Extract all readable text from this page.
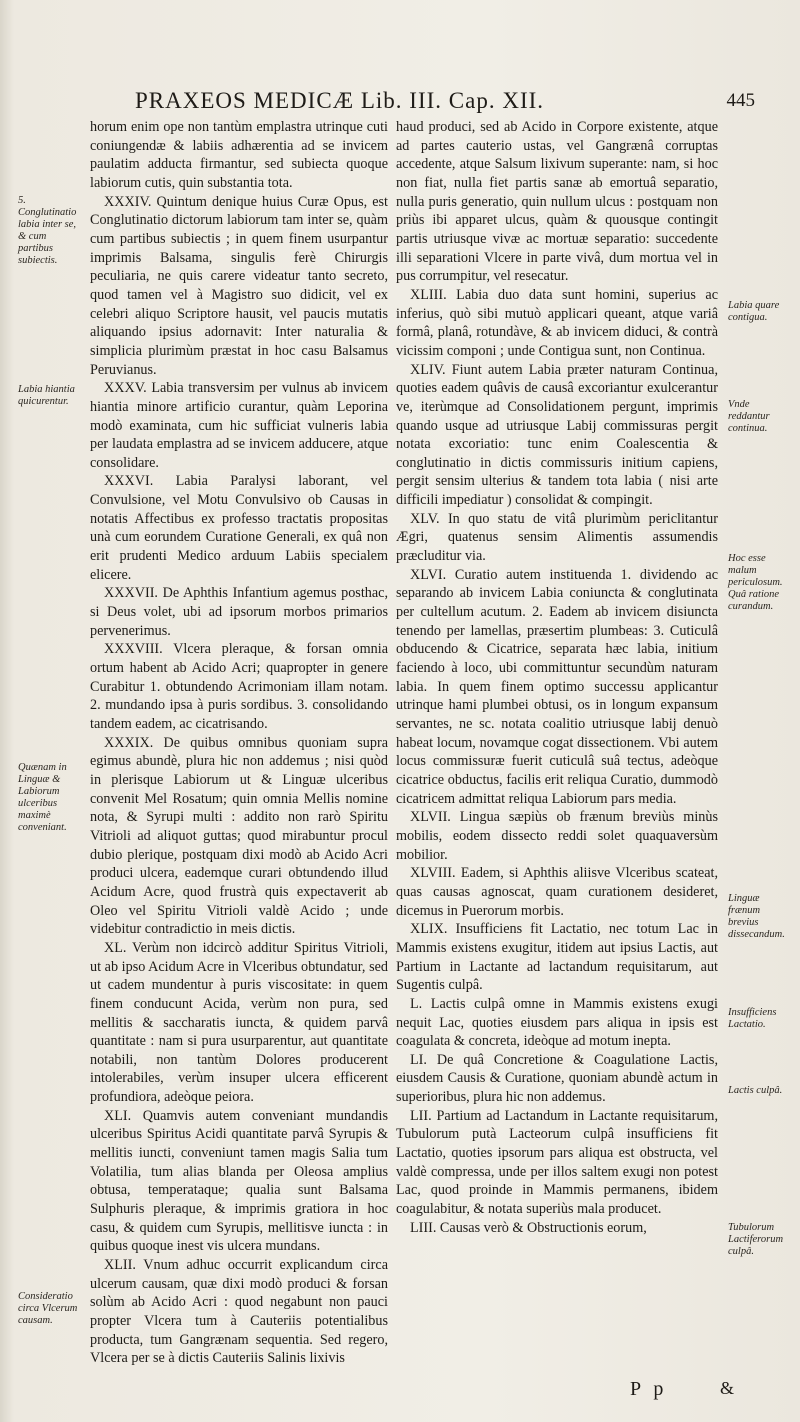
PRAXEOS MEDICÆ Lib. III. Cap. XII.	445

horum enim ope non tantùm emplastra utrinque cuti coniungendæ & labiis adhærentia ad se invicem paulatim adducta firmantur, sed subiecta quoque labiorum cutis, quin substantia tota.

XXXIV. Quintum denique huius Curæ Opus, est Conglutinatio dictorum labiorum tam inter se, quàm cum partibus subiectis ; in quem finem usurpantur imprimis Balsama, singulis ferè Chirurgis peculiaria, ne quis carere videatur tanto secreto, quod tamen vel à Magistro suo didicit, vel ex celebri aliquo Scriptore hausit, vel paucis mutatis aliquando ipsius adornavit: Inter naturalia & simplicia plurimùm præstat in hoc casu Balsamus Peruvianus.

XXXV. Labia transversim per vulnus ab invicem hiantia minore artificio curantur, quàm Leporina modò examinata, cum hic sufficiat vulneris labia per laudata emplastra ad se invicem adducere, atque consolidare.

XXXVI. Labia Paralysi laborant, vel Convulsione, vel Motu Convulsivo ob Causas in notatis Affectibus ex professo tractatis propositas unà cum eorundem Curatione Generali, ex quâ non erit prudenti Medico arduum Labiis specialem elicere.

XXXVII. De Aphthis Infantium agemus posthac, si Deus volet, ubi ad ipsorum morbos primarios pervenerimus.

XXXVIII. Vlcera pleraque, & forsan omnia ortum habent ab Acido Acri; quapropter in genere Curabitur 1. obtundendo Acrimoniam illam notam. 2. mundando ipsa à puris sordibus. 3. consolidando tandem eadem, ac cicatrisando.

XXXIX. De quibus omnibus quoniam supra egimus abundè, plura hic non addemus ; nisi quòd in plerisque Labiorum ut & Linguæ ulceribus convenit Mel Rosatum; quin omnia Mellis nomine nota, & Syrupi multi : addito non rarò Spiritu Vitrioli ad aliquot guttas; quod mirabuntur procul dubio plerique, postquam dixi modò ab Acido Acri produci ulcera, eademque curari obtundendo illud Acidum Acre, quod frustrà quis expectaverit ab Oleo vel Spiritu Vitrioli valdè Acido ; unde videbitur contradictio in meis dictis.

XL. Verùm non idcircò additur Spiritus Vitrioli, ut ab ipso Acidum Acre in Vlceribus obtundatur, sed ut cadem mundentur à puris viscositate: in quem finem conducunt Acida, verùm non pura, sed mellitis & saccharatis iuncta, & quidem parvâ quantitate : nam si pura usurparentur, aut quantitate notabili, non tantùm Dolores producerent intolerabiles, verùm insuper ulcera efficerent profundiora, adeòque peiora.

XLI. Quamvis autem conveniant mundandis ulceribus Spiritus Acidi quantitate parvâ Syrupis & mellitis iuncti, conveniunt tamen magis Salia tum Volatilia, tum alias blanda per Oleosa amplius obtusa, temperataque; qualia sunt Balsama Sulphuris pleraque, & imprimis gratiora in hoc casu, & quidem cum Syrupis, mellitisve iuncta : in quibus quoque inest vis ulcera mundans.

XLII. Vnum adhuc occurrit explicandum circa ulcerum causam, quæ dixi modò produci & forsan solùm ab Acido Acri : quod negabunt non pauci propter Vlcera tum à Cauteriis potentialibus producta, tum Gangrænam sequentia. Sed regero, Vlcera per se à dictis Cauteriis Salinis lixivis

haud produci, sed ab Acido in Corpore existente, atque ad partes cauterio ustas, vel Gangrænâ corruptas accedente, atque Salsum lixivum superante: nam, si hoc non fiat, nulla fiet partis sanæ ab emortuâ separatio, nulla puris generatio, quin nullum ulcus : postquam non priùs ibi apparet ulcus, quàm & quousque contingit partis utriusque vivæ ac mortuæ separatio: succedente illi separationi Vlcere in parte vivâ, dum mortua vel in pus corrumpitur, vel resecatur.

XLIII. Labia duo data sunt homini, superius ac inferius, quò sibi mutuò applicari queant, atque variâ formâ, planâ, rotundàve, & ab invicem diduci, & contrà vicissim componi ; unde Contigua sunt, non Continua.

XLIV. Fiunt autem Labia præter naturam Continua, quoties eadem quâvis de causâ excoriantur exulcerantur ve, iterùmque ad Consolidationem pergunt, imprimis quando usque ad utriusque Labij commissuras pergit notata excoriatio: tunc enim Coalescentia & conglutinatio in dictis commissuris initium capiens, pergit sensim ulterius & tandem tota labia ( nisi arte difficili impediatur ) consolidat & compingit.

XLV. In quo statu de vitâ plurimùm periclitantur Ægri, quatenus sensim Alimentis assumendis præcluditur via.

XLVI. Curatio autem instituenda 1. dividendo ac separando ab invicem Labia coniuncta & conglutinata per cultellum acutum. 2. Eadem ab invicem disiuncta tenendo per lamellas, præsertim plumbeas: 3. Cuticulâ obducendo & Cicatrice, separata hæc labia, initium faciendo à loco, ubi committuntur secundùm naturam labia. In quem finem optimo successu applicantur utrinque hami plumbei obtusi, os in longum expansum servantes, ne sc. notata coalitio utriusque labij denuò habeat locum, novamque cogat dissectionem. Vbi autem locus commissuræ fuerit cuticulâ suâ tectus, adeòque cicatrice obductus, facilis erit reliqua Curatio, dummodò cicatricem admittat reliqua Labiorum pars media.

XLVII. Lingua sæpiùs ob frænum breviùs minùs mobilis, eodem dissecto reddi solet quaquaversùm mobilior.

XLVIII. Eadem, si Aphthis aliisve Vlceribus scateat, quas causas agnoscat, quam curationem desideret, dicemus in Puerorum morbis.

XLIX. Insufficiens fit Lactatio, nec totum Lac in Mammis existens exugitur, itidem aut ipsius Lactis, aut Partium in Lactante ad lactandum requisitarum, aut Sugentis culpâ.

L. Lactis culpâ omne in Mammis existens exugi nequit Lac, quoties eiusdem pars aliqua in ipsis est coagulata & concreta, ideòque ad motum inepta.

LI. De quâ Concretione & Coagulatione Lactis, eiusdem Causis & Curatione, quoniam abundè actum in superioribus, plura hic non addemus.

LII. Partium ad Lactandum in Lactante requisitarum, Tubulorum putà Lacteorum culpâ insufficiens fit Lactatio, quoties ipsorum pars aliqua est obstructa, vel valdè compressa, unde per illos saltem exugi non potest Lac, quod proinde in Mammis permanens, ibidem coagulabitur, & notata superiùs mala producet.

LIII. Causas verò & Obstructionis eorum,

5. Conglutinatio labia inter se, & cum partibus subiectis.
Labia hiantia quicurentur.
Quænam in Linguæ & Labiorum ulceribus maximè conveniant.
Consideratio circa Vlcerum causam.
Labia quare contigua.
Vnde reddantur continua.
Hoc esse malum periculosum. Quâ ratione curandum.
Linguæ frænum brevius dissecandum.
Insufficiens Lactatio.
Lactis culpâ.
Tubulorum Lactiferorum culpâ.
P p	&
